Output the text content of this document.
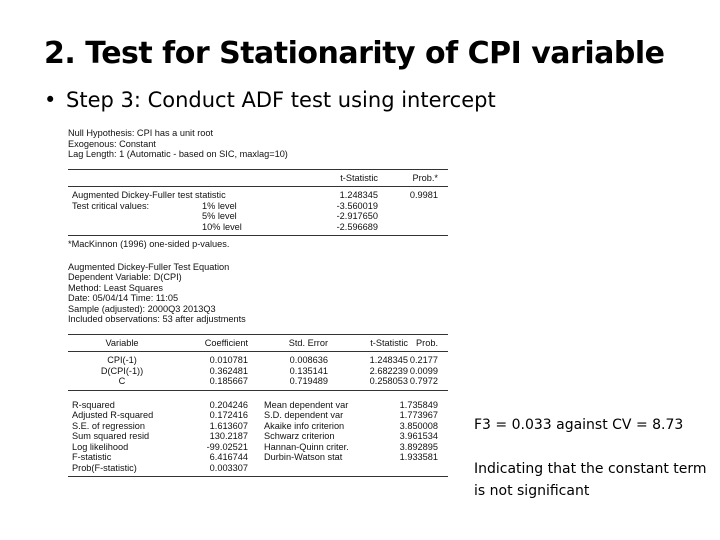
2. Test for Stationarity of CPI variable
• Step 3: Conduct ADF test using intercept
Null Hypothesis: CPI has a unit root
Exogenous: Constant
Lag Length: 1 (Automatic - based on SIC, maxlag=10)
t-Statistic	Prob.*
Augmented Dickey-Fuller test statistic	1.248345	0.9981
Test critical values:	1% level	-3.560019
5% level	-2.917650
10% level	-2.596689
*MacKinnon (1996) one-sided p-values.
Augmented Dickey-Fuller Test Equation
Dependent Variable: D(CPI)
Method: Least Squares
Date: 05/04/14 Time: 11:05
Sample (adjusted): 2000Q3 2013Q3
Included observations: 53 after adjustments
Variable	Coefficient	Std. Error	t-Statistic Prob.
CPI(-1)	0.010781	0.008636	1.248345 0.2177
D(CPI(-1))	0.362481	0.135141	2.682239 0.0099
C	0.185667	0.719489	0.258053 0.7972
R-squared	0.204246 Mean dependent var	1.735849
Adjusted R-squared	0.172416 S.D. dependent var	1.773967
S.E. of regression	1.613607 Akaike info criterion	3.850008
Sum squared resid	130.2187 Schwarz criterion	3.961534
Log likelihood	-99.02521 Hannan-Quinn criter.	3.892895
F-statistic	6.416744 Durbin-Watson stat	1.933581
Prob(F-statistic)	0.003307
F3 = 0.033 against CV = 8.73
Indicating that the constant term is not significant
